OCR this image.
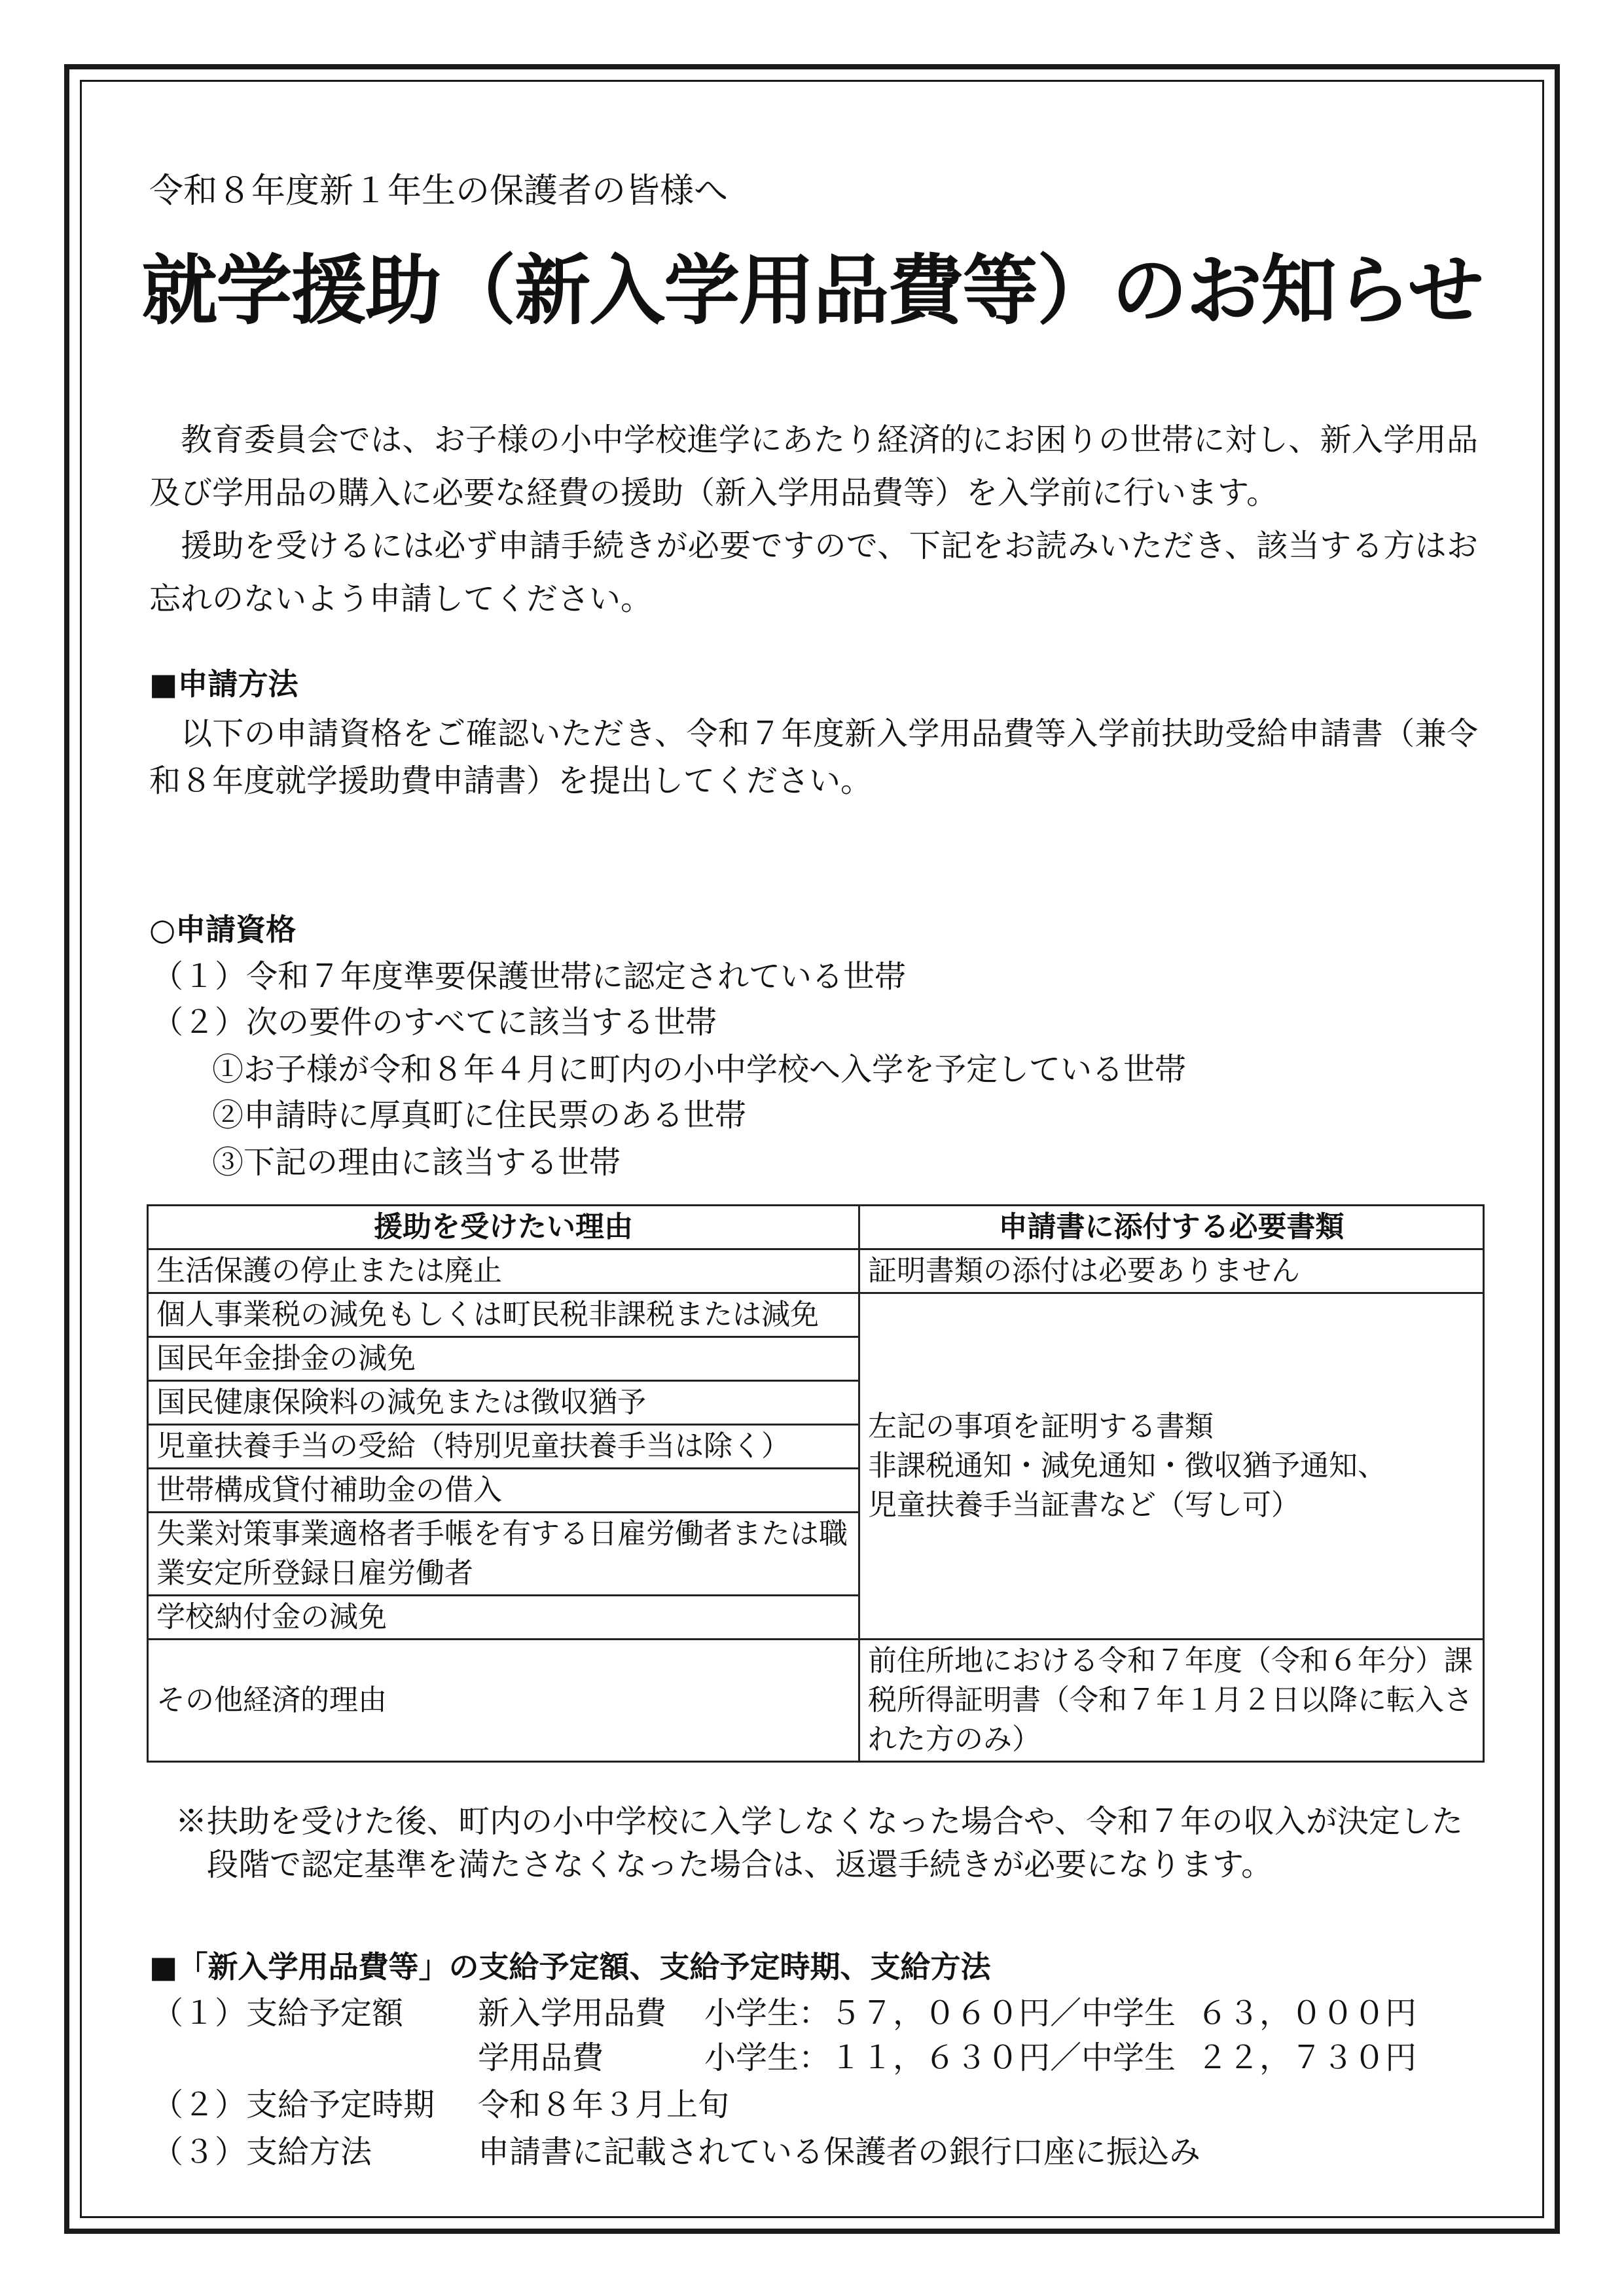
令和８年度新１年生の保護者の皆様へ
就学援助（新入学用品費等）のお知らせ
教育委員会では、お子様の小中学校進学にあたり経済的にお困りの世帯に対し、新入学用品及び学用品の購入に必要な経費の援助（新入学用品費等）を入学前に行います。
援助を受けるには必ず申請手続きが必要ですので、下記をお読みいただき、該当する方はお忘れのないよう申請してください。
■申請方法
以下の申請資格をご確認いただき、令和７年度新入学用品費等入学前扶助受給申請書（兼令和８年度就学援助費申請書）を提出してください。
○申請資格
（１）令和７年度準要保護世帯に認定されている世帯
（２）次の要件のすべてに該当する世帯
①お子様が令和８年４月に町内の小中学校へ入学を予定している世帯
②申請時に厚真町に住民票のある世帯
③下記の理由に該当する世帯
援助を受けたい理由	申請書に添付する必要書類
生活保護の停止または廃止	証明書類の添付は必要ありません
個人事業税の減免もしくは町民税非課税または減免	左記の事項を証明する書類
非課税通知・減免通知・徴収猶予通知、
児童扶養手当証書など（写し可）

国民年金掛金の減免	
国民健康保険料の減免または徴収猶予	
児童扶養手当の受給（特別児童扶養手当は除く）	
世帯構成貸付補助金の借入	
失業対策事業適格者手帳を有する日雇労働者または職業安定所登録日雇労働者	
学校納付金の減免	
その他経済的理由	前住所地における令和７年度（令和６年分）課税所得証明書（令和７年１月２日以降に転入された方のみ）
※扶助を受けた後、町内の小中学校に入学しなくなった場合や、令和７年の収入が決定した段階で認定基準を満たさなくなった場合は、返還手続きが必要になります。
■「新入学用品費等」の支給予定額、支給予定時期、支給方法
（１）支給予定額 新入学用品費 小学生：５７，０６０円／中学生 ６３，０００円
学用品費	小学生：１１，６３０円／中学生 ２２，７３０円
（２）支給予定時期 令和８年３月上旬
（３）支給方法	申請書に記載されている保護者の銀行口座に振込み
